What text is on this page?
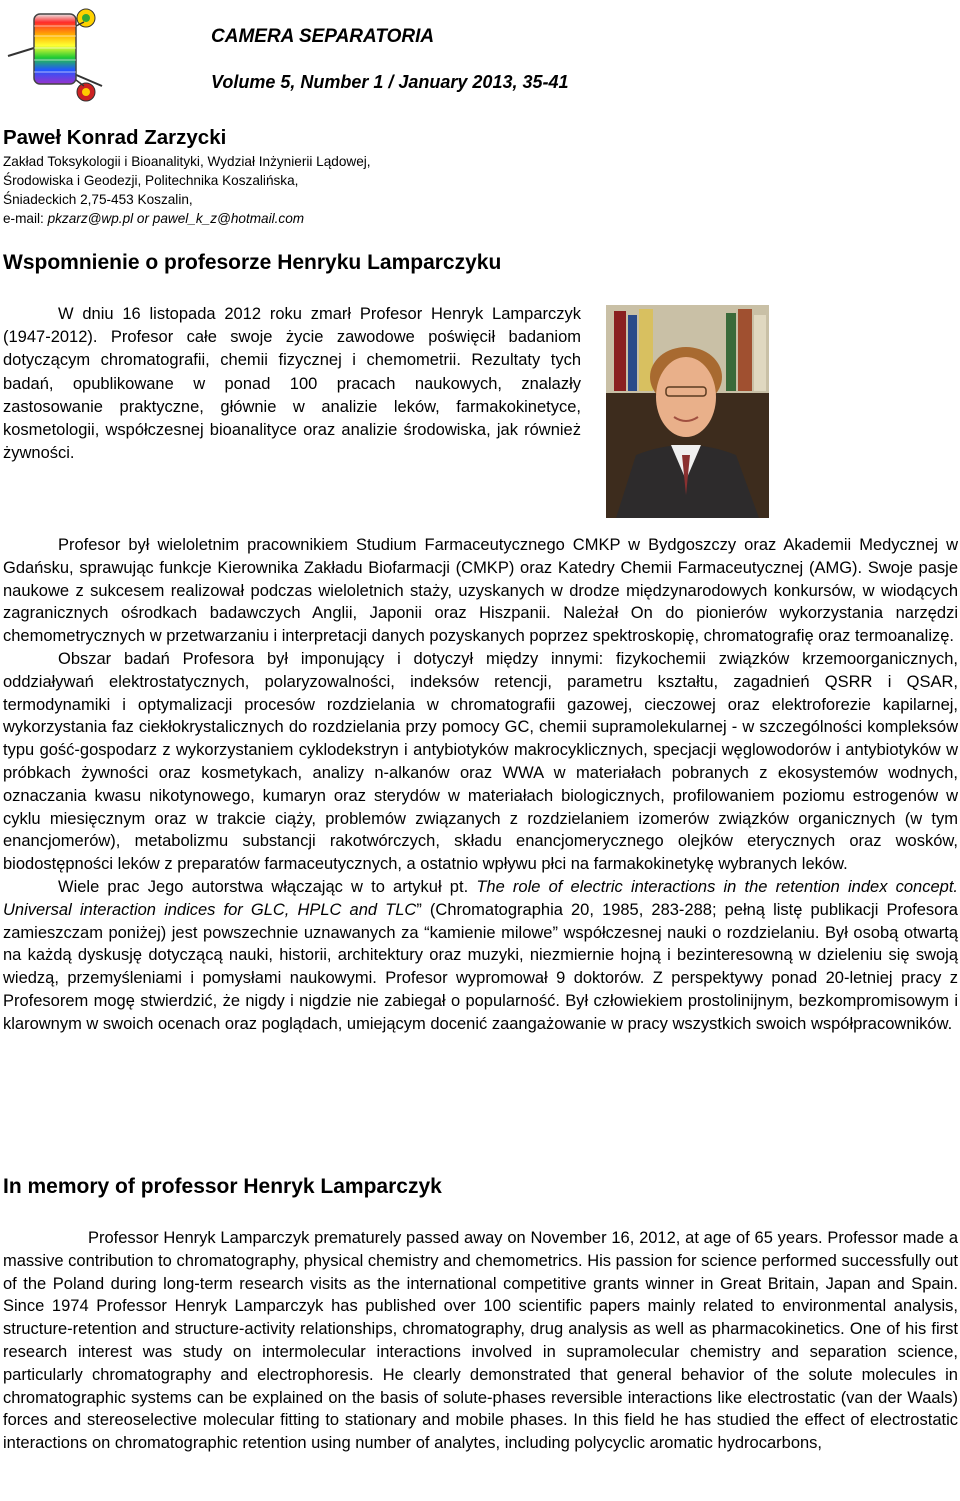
CAMERA SEPARATORIA
Volume 5, Number 1 / January 2013, 35-41
Paweł Konrad Zarzycki
Zakład Toksykologii i Bioanalityki, Wydział Inżynierii Lądowej,
Środowiska i Geodezji, Politechnika Koszalińska,
Śniadeckich 2,75-453 Koszalin,
e-mail: pkzarz@wp.pl or pawel_k_z@hotmail.com
Wspomnienie o profesorze Henryku Lamparczyku

W dniu 16 listopada 2012 roku zmarł Profesor Henryk Lamparczyk (1947-2012). Profesor całe swoje życie zawodowe poświęcił badaniom dotyczącym chromatografii, chemii fizycznej i chemometrii. Rezultaty tych badań, opublikowane w ponad 100 pracach naukowych, znalazły zastosowanie praktyczne, głównie w analizie leków, farmakokinetyce, kosmetologii, współczesnej bioanalityce oraz analizie środowiska, jak również żywności.

Profesor był wieloletnim pracownikiem Studium Farmaceutycznego CMKP w Bydgoszczy oraz Akademii Medycznej w Gdańsku, sprawując funkcje Kierownika Zakładu Biofarmacji (CMKP) oraz Katedry Chemii Farmaceutycznej (AMG). Swoje pasje naukowe z sukcesem realizował podczas wieloletnich staży, uzyskanych w drodze międzynarodowych konkursów, w wiodących zagranicznych ośrodkach badawczych Anglii, Japonii oraz Hiszpanii. Należał On do pionierów wykorzystania narzędzi chemometrycznych w przetwarzaniu i interpretacji danych pozyskanych poprzez spektroskopię, chromatografię oraz termoanalizę.

Obszar badań Profesora był imponujący i dotyczył między innymi: fizykochemii związków krzemoorganicznych, oddziaływań elektrostatycznych, polaryzowalności, indeksów retencji, parametru kształtu, zagadnień QSRR i QSAR, termodynamiki i optymalizacji procesów rozdzielania w chromatografii gazowej, cieczowej oraz elektroforezie kapilarnej, wykorzystania faz ciekłokrystalicznych do rozdzielania przy pomocy GC, chemii supramolekularnej - w szczególności kompleksów typu gość-gospodarz z wykorzystaniem cyklodekstryn i antybiotyków makrocyklicznych, specjacji węglowodorów i antybiotyków w próbkach żywności oraz kosmetykach, analizy n-alkanów oraz WWA w materiałach pobranych z ekosystemów wodnych, oznaczania kwasu nikotynowego, kumaryn oraz sterydów w materiałach biologicznych, profilowaniem poziomu estrogenów w cyklu miesięcznym oraz w trakcie ciąży, problemów związanych z rozdzielaniem izomerów związków organicznych (w tym enancjomerów), metabolizmu substancji rakotwórczych, składu enancjomerycznego olejków eterycznych oraz wosków, biodostępności leków z preparatów farmaceutycznych, a ostatnio wpływu płci na farmakokinetykę wybranych leków.

Wiele prac Jego autorstwa włączając w to artykuł pt. The role of electric interactions in the retention index concept. Universal interaction indices for GLC, HPLC and TLC” (Chromatographia 20, 1985, 283-288; pełną listę publikacji Profesora zamieszczam poniżej) jest powszechnie uznawanych za “kamienie milowe” współczesnej nauki o rozdzielaniu. Był osobą otwartą na każdą dyskusję dotyczącą nauki, historii, architektury oraz muzyki, niezmiernie hojną i bezinteresowną w dzieleniu się swoją wiedzą, przemyśleniami i pomysłami naukowymi. Profesor wypromował 9 doktorów. Z perspektywy ponad 20-letniej pracy z Profesorem mogę stwierdzić, że nigdy i nigdzie nie zabiegał o popularność. Był człowiekiem prostolinijnym, bezkompromisowym i klarownym w swoich ocenach oraz poglądach, umiejącym docenić zaangażowanie w pracy wszystkich swoich współpracowników.

In memory of professor Henryk Lamparczyk

Professor Henryk Lamparczyk prematurely passed away on November 16, 2012, at age of 65 years. Professor made a massive contribution to chromatography, physical chemistry and chemometrics. His passion for science performed successfully out of the Poland during long-term research visits as the international competitive grants winner in Great Britain, Japan and Spain. Since 1974 Professor Henryk Lamparczyk has published over 100 scientific papers mainly related to environmental analysis, structure-retention and structure-activity relationships, chromatography, drug analysis as well as pharmacokinetics. One of his first research interest was study on intermolecular interactions involved in supramolecular chemistry and separation science, particularly chromatography and electrophoresis. He clearly demonstrated that general behavior of the solute molecules in chromatographic systems can be explained on the basis of solute-phases reversible interactions like electrostatic (van der Waals) forces and stereoselective molecular fitting to stationary and mobile phases. In this field he has studied the effect of electrostatic interactions on chromatographic retention using number of analytes, including polycyclic aromatic hydrocarbons,
